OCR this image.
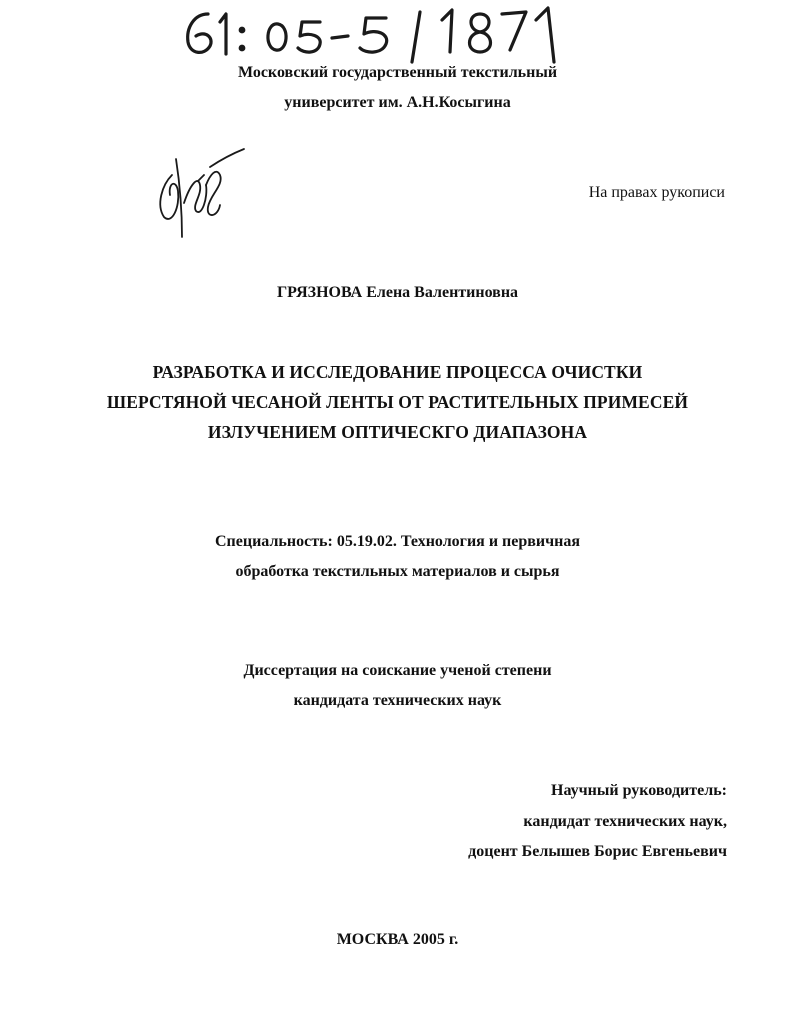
Московский государственный текстильный
университет им. А.Н.Косыгина
На правах рукописи
ГРЯЗНОВА Елена Валентиновна
РАЗРАБОТКА И ИССЛЕДОВАНИЕ ПРОЦЕССА ОЧИСТКИ
ШЕРСТЯНОЙ ЧЕСАНОЙ ЛЕНТЫ ОТ РАСТИТЕЛЬНЫХ ПРИМЕСЕЙ
ИЗЛУЧЕНИЕМ ОПТИЧЕСКГО ДИАПАЗОНА
Специальность: 05.19.02. Технология и первичная
обработка текстильных материалов и сырья
Диссертация на соискание ученой степени
кандидата технических наук
Научный руководитель:
кандидат технических наук,
доцент Белышев Борис Евгеньевич
МОСКВА 2005 г.
